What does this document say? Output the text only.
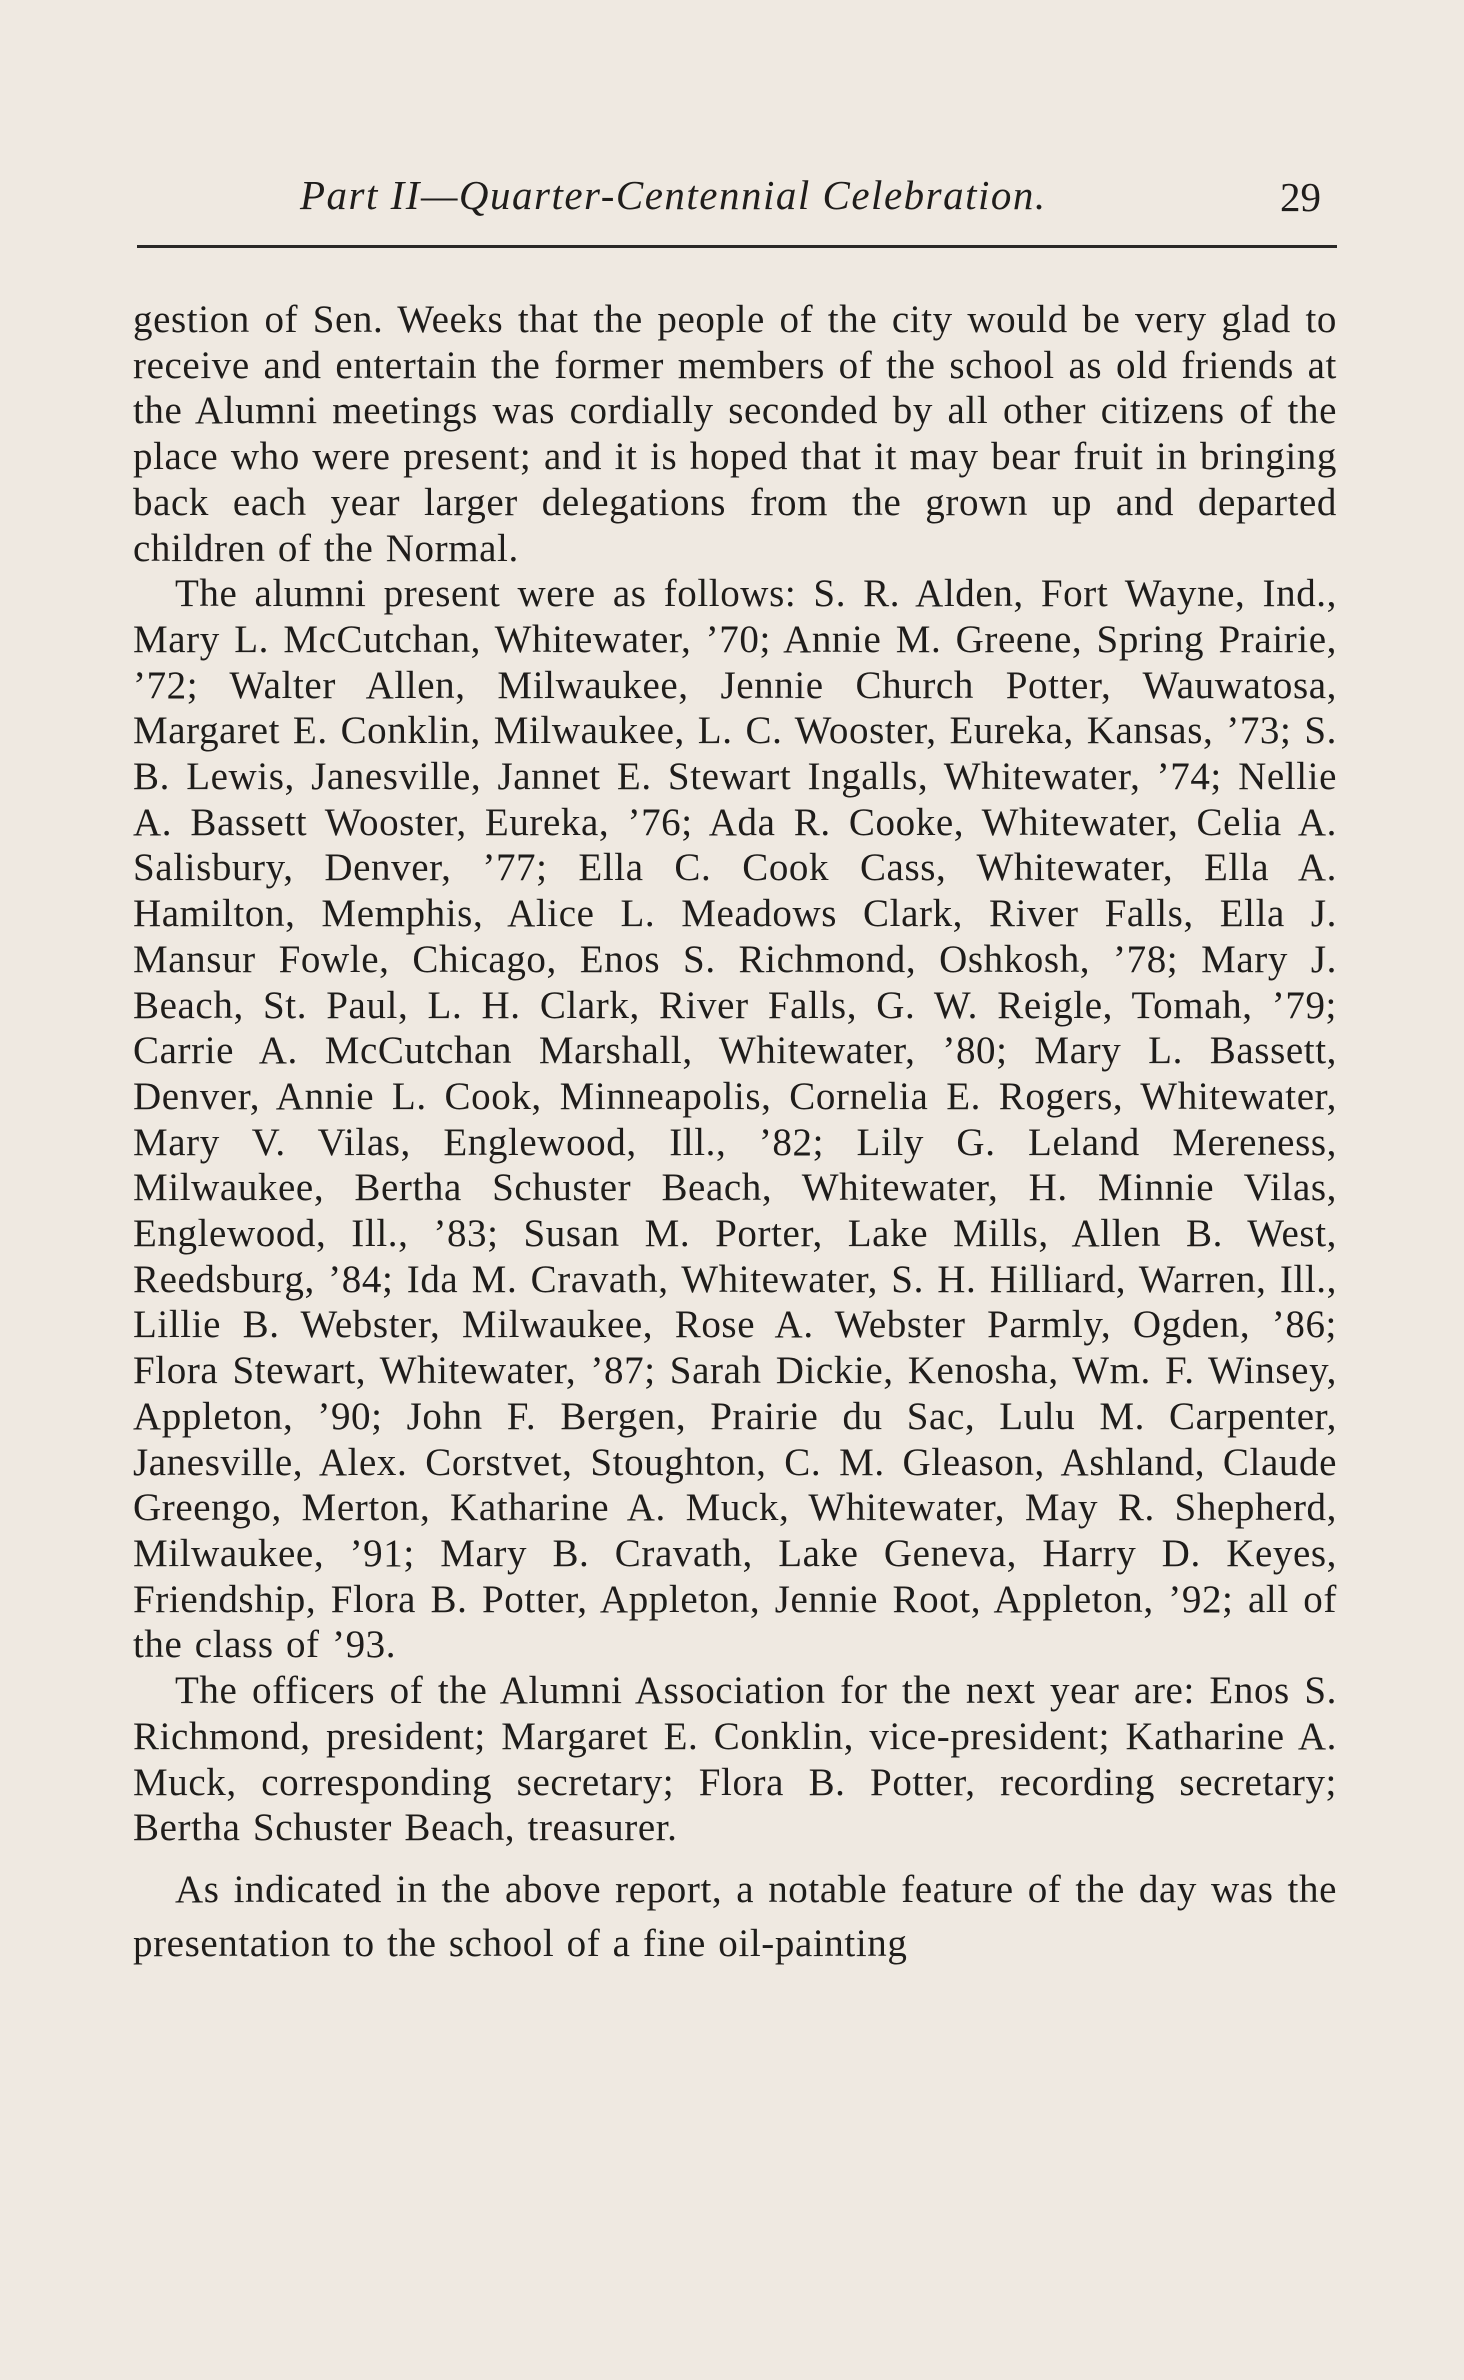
Part II—Quarter-Centennial Celebration.	29

gestion of Sen. Weeks that the people of the city would be very glad to receive and entertain the former members of the school as old friends at the Alumni meetings was cordially seconded by all other citizens of the place who were present; and it is hoped that it may bear fruit in bringing back each year larger delegations from the grown up and departed children of the Normal.

The alumni present were as follows: S. R. Alden, Fort Wayne, Ind., Mary L. McCutchan, Whitewater, ’70; Annie M. Greene, Spring Prairie, ’72; Walter Allen, Milwaukee, Jennie Church Potter, Wauwatosa, Margaret E. Conklin, Milwaukee, L. C. Wooster, Eureka, Kansas, ’73; S. B. Lewis, Janesville, Jannet E. Stewart Ingalls, Whitewater, ’74; Nellie A. Bassett Wooster, Eureka, ’76; Ada R. Cooke, Whitewater, Celia A. Salisbury, Denver, ’77; Ella C. Cook Cass, Whitewater, Ella A. Hamilton, Memphis, Alice L. Meadows Clark, River Falls, Ella J. Mansur Fowle, Chicago, Enos S. Richmond, Oshkosh, ’78; Mary J. Beach, St. Paul, L. H. Clark, River Falls, G. W. Reigle, Tomah, ’79; Carrie A. McCutchan Marshall, Whitewater, ’80; Mary L. Bassett, Denver, Annie L. Cook, Minneapolis, Cornelia E. Rogers, Whitewater, Mary V. Vilas, Englewood, Ill., ’82; Lily G. Leland Mereness, Milwaukee, Bertha Schuster Beach, Whitewater, H. Minnie Vilas, Englewood, Ill., ’83; Susan M. Porter, Lake Mills, Allen B. West, Reedsburg, ’84; Ida M. Cravath, Whitewater, S. H. Hilliard, Warren, Ill., Lillie B. Webster, Milwaukee, Rose A. Webster Parmly, Ogden, ’86; Flora Stewart, Whitewater, ’87; Sarah Dickie, Kenosha, Wm. F. Winsey, Appleton, ’90; John F. Bergen, Prairie du Sac, Lulu M. Carpenter, Janesville, Alex. Corstvet, Stoughton, C. M. Gleason, Ashland, Claude Greengo, Merton, Katharine A. Muck, Whitewater, May R. Shepherd, Milwaukee, ’91; Mary B. Cravath, Lake Geneva, Harry D. Keyes, Friendship, Flora B. Potter, Appleton, Jennie Root, Appleton, ’92; all of the class of ’93.

The officers of the Alumni Association for the next year are: Enos S. Richmond, president; Margaret E. Conklin, vice-president; Katharine A. Muck, corresponding secretary; Flora B. Potter, recording secretary; Bertha Schuster Beach, treasurer.

As indicated in the above report, a notable feature of the day was the presentation to the school of a fine oil-painting
